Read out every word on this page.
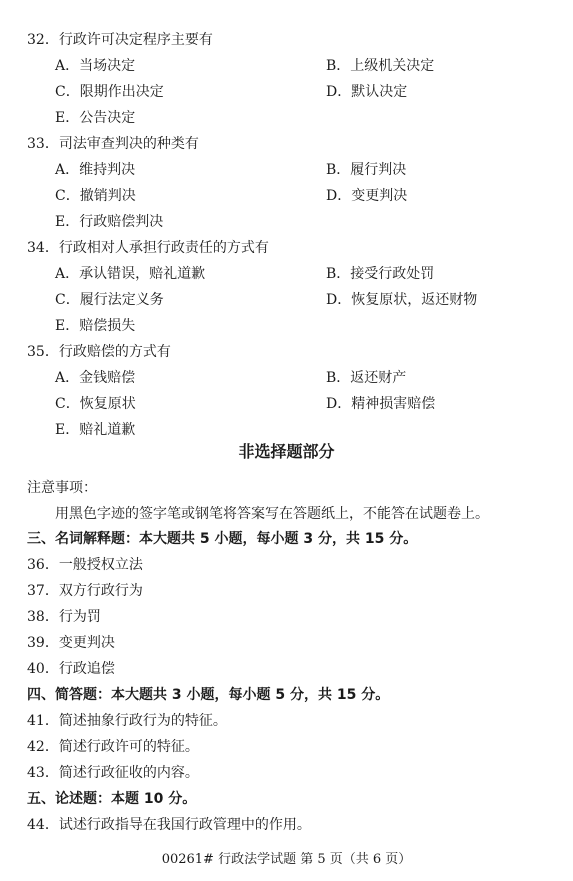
32．行政许可决定程序主要有
A．当场决定	B．上级机关决定
C．限期作出决定	D．默认决定
E．公告决定
33．司法审查判决的种类有
A．维持判决	B．履行判决
C．撤销判决	D．变更判决
E．行政赔偿判决
34．行政相对人承担行政责任的方式有
A．承认错误，赔礼道歉	B．接受行政处罚
C．履行法定义务	D．恢复原状，返还财物
E．赔偿损失
35．行政赔偿的方式有
A．金钱赔偿	B．返还财产
C．恢复原状	D．精神损害赔偿
E．赔礼道歉
非选择题部分
注意事项：
用黑色字迹的签字笔或钢笔将答案写在答题纸上，不能答在试题卷上。
三、名词解释题：本大题共 5 小题，每小题 3 分，共 15 分。
36．一般授权立法
37．双方行政行为
38．行为罚
39．变更判决
40．行政追偿
四、简答题：本大题共 3 小题，每小题 5 分，共 15 分。
41．简述抽象行政行为的特征。
42．简述行政许可的特征。
43．简述行政征收的内容。
五、论述题：本题 10 分。
44．试述行政指导在我国行政管理中的作用。
00261# 行政法学试题 第 5 页（共 6 页）
